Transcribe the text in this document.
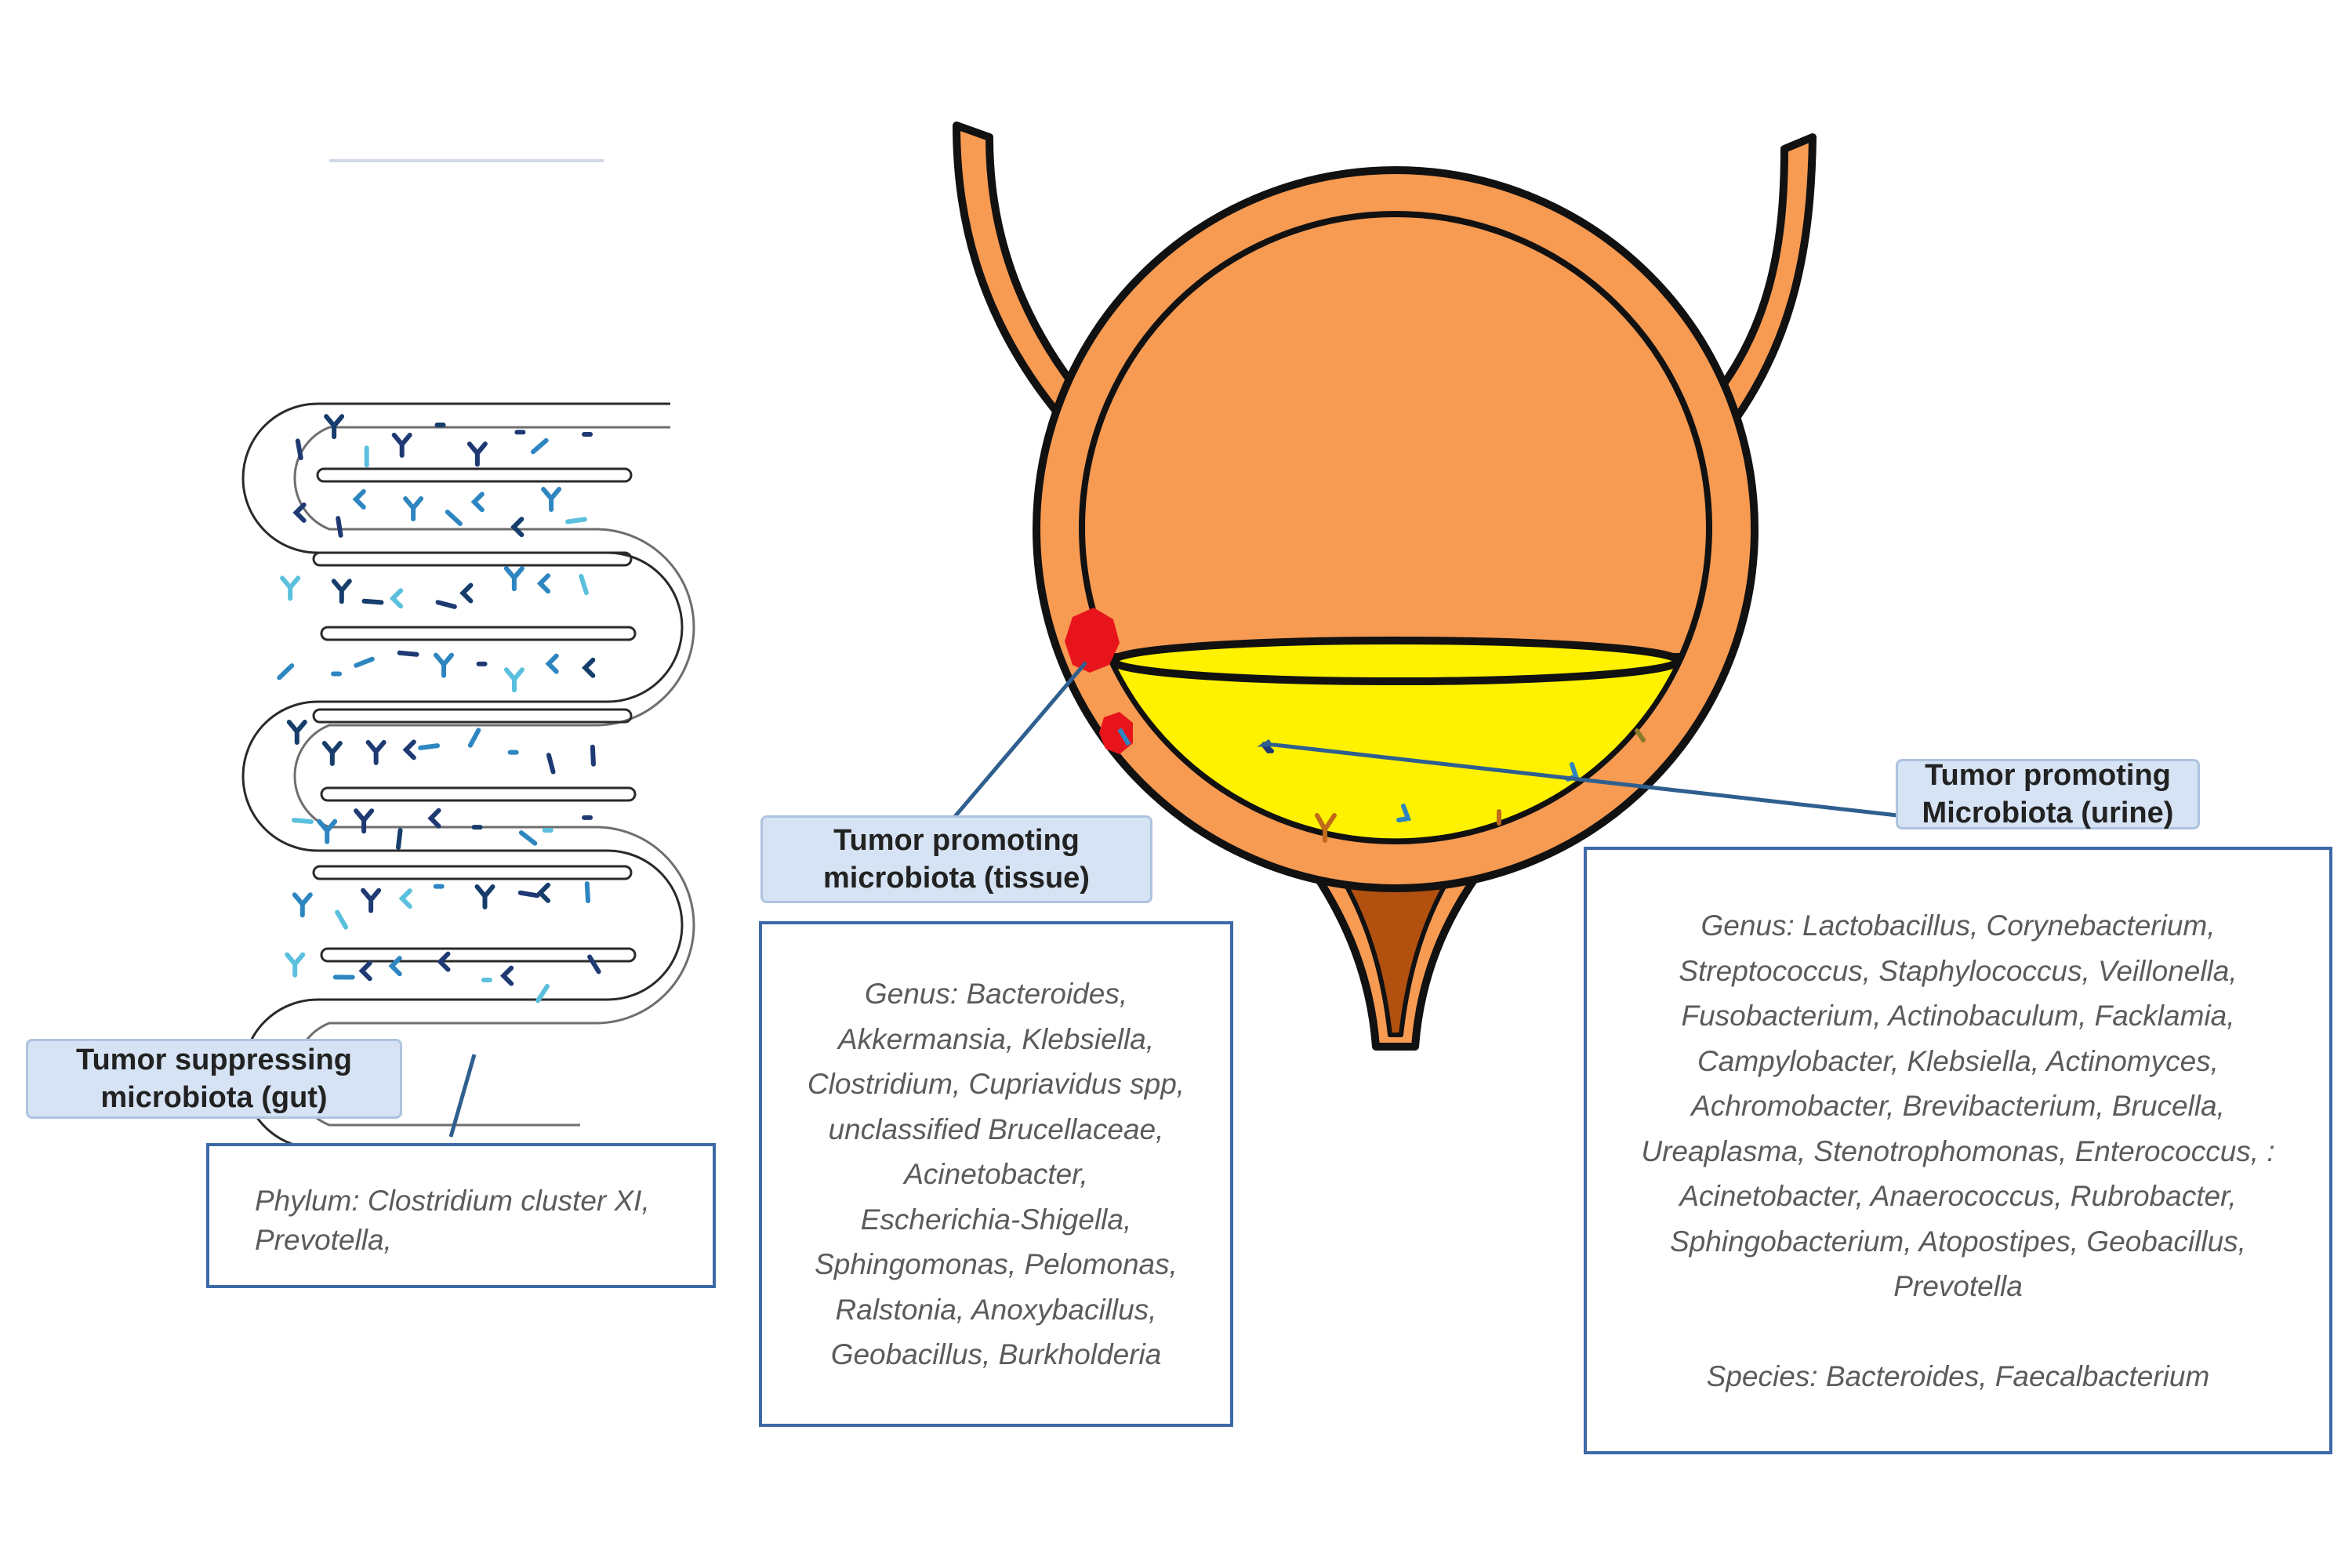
Tumor suppressing
microbiota (gut)
Tumor promoting
microbiota (tissue)
Tumor promoting
Microbiota (urine)

Phylum: Clostridium cluster XI,

Prevotella,

Genus: Bacteroides,

Akkermansia, Klebsiella,

Clostridium, Cupriavidus spp,

unclassified Brucellaceae,

Acinetobacter,

Escherichia-Shigella,

Sphingomonas, Pelomonas,

Ralstonia, Anoxybacillus,

Geobacillus, Burkholderia

Genus: Lactobacillus, Corynebacterium,

Streptococcus, Staphylococcus, Veillonella,

Fusobacterium, Actinobaculum, Facklamia,

Campylobacter, Klebsiella, Actinomyces,

Achromobacter, Brevibacterium, Brucella,

Ureaplasma, Stenotrophomonas, Enterococcus, :

Acinetobacter, Anaerococcus, Rubrobacter,

Sphingobacterium, Atopostipes, Geobacillus,

Prevotella

Species: Bacteroides, Faecalbacterium
